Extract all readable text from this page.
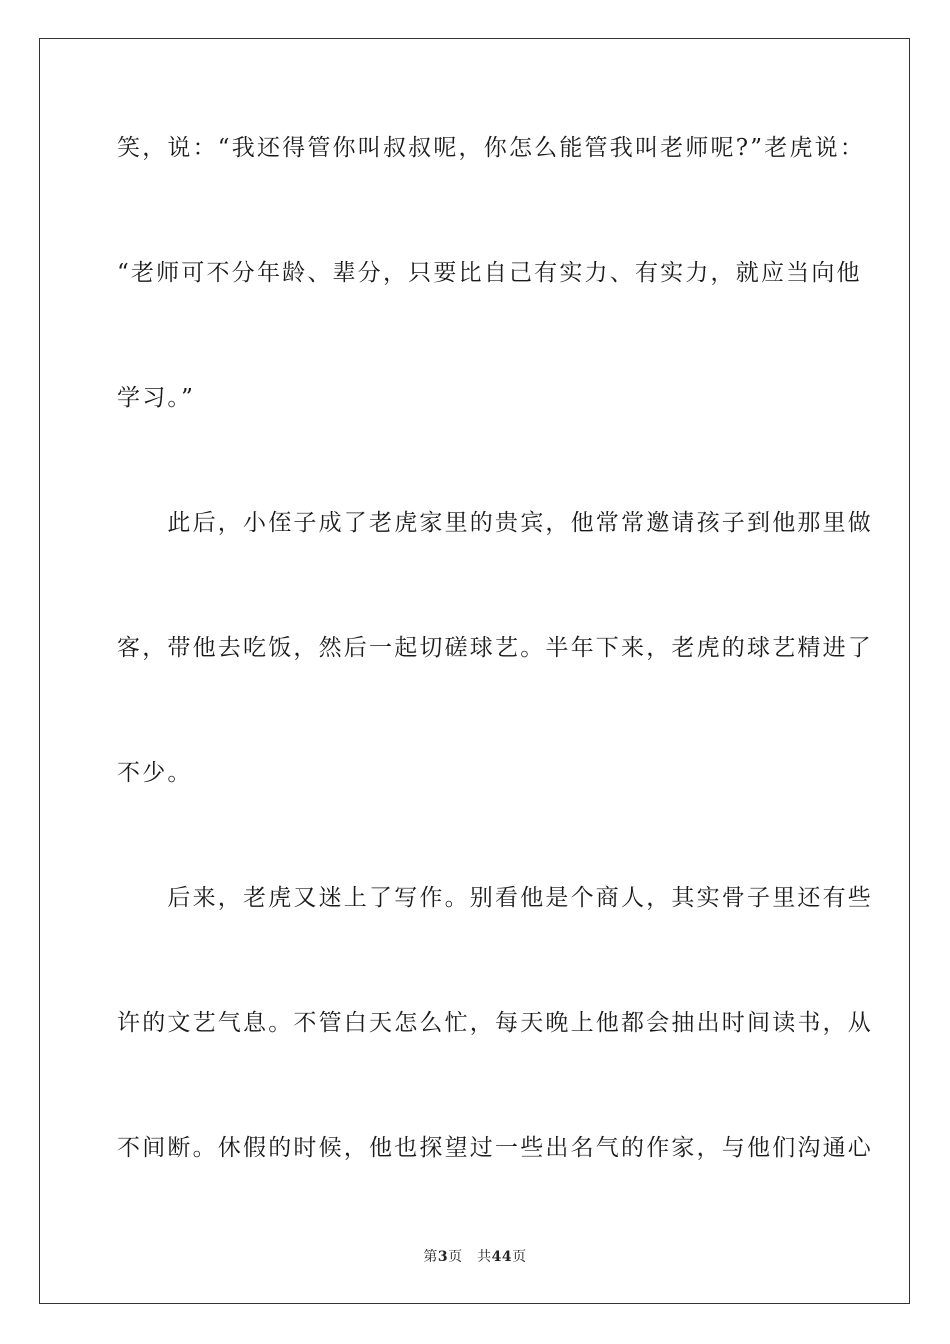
笑，说：“我还得管你叫叔叔呢，你怎么能管我叫老师呢?”老虎说：
“老师可不分年龄、辈分，只要比自己有实力、有实力，就应当向他
学习。”
　　此后，小侄子成了老虎家里的贵宾，他常常邀请孩子到他那里做
客，带他去吃饭，然后一起切磋球艺。半年下来，老虎的球艺精进了
不少。
　　后来，老虎又迷上了写作。别看他是个商人，其实骨子里还有些
许的文艺气息。不管白天怎么忙，每天晚上他都会抽出时间读书，从
不间断。休假的时候，他也探望过一些出名气的作家，与他们沟通心
第3页　 共44页
